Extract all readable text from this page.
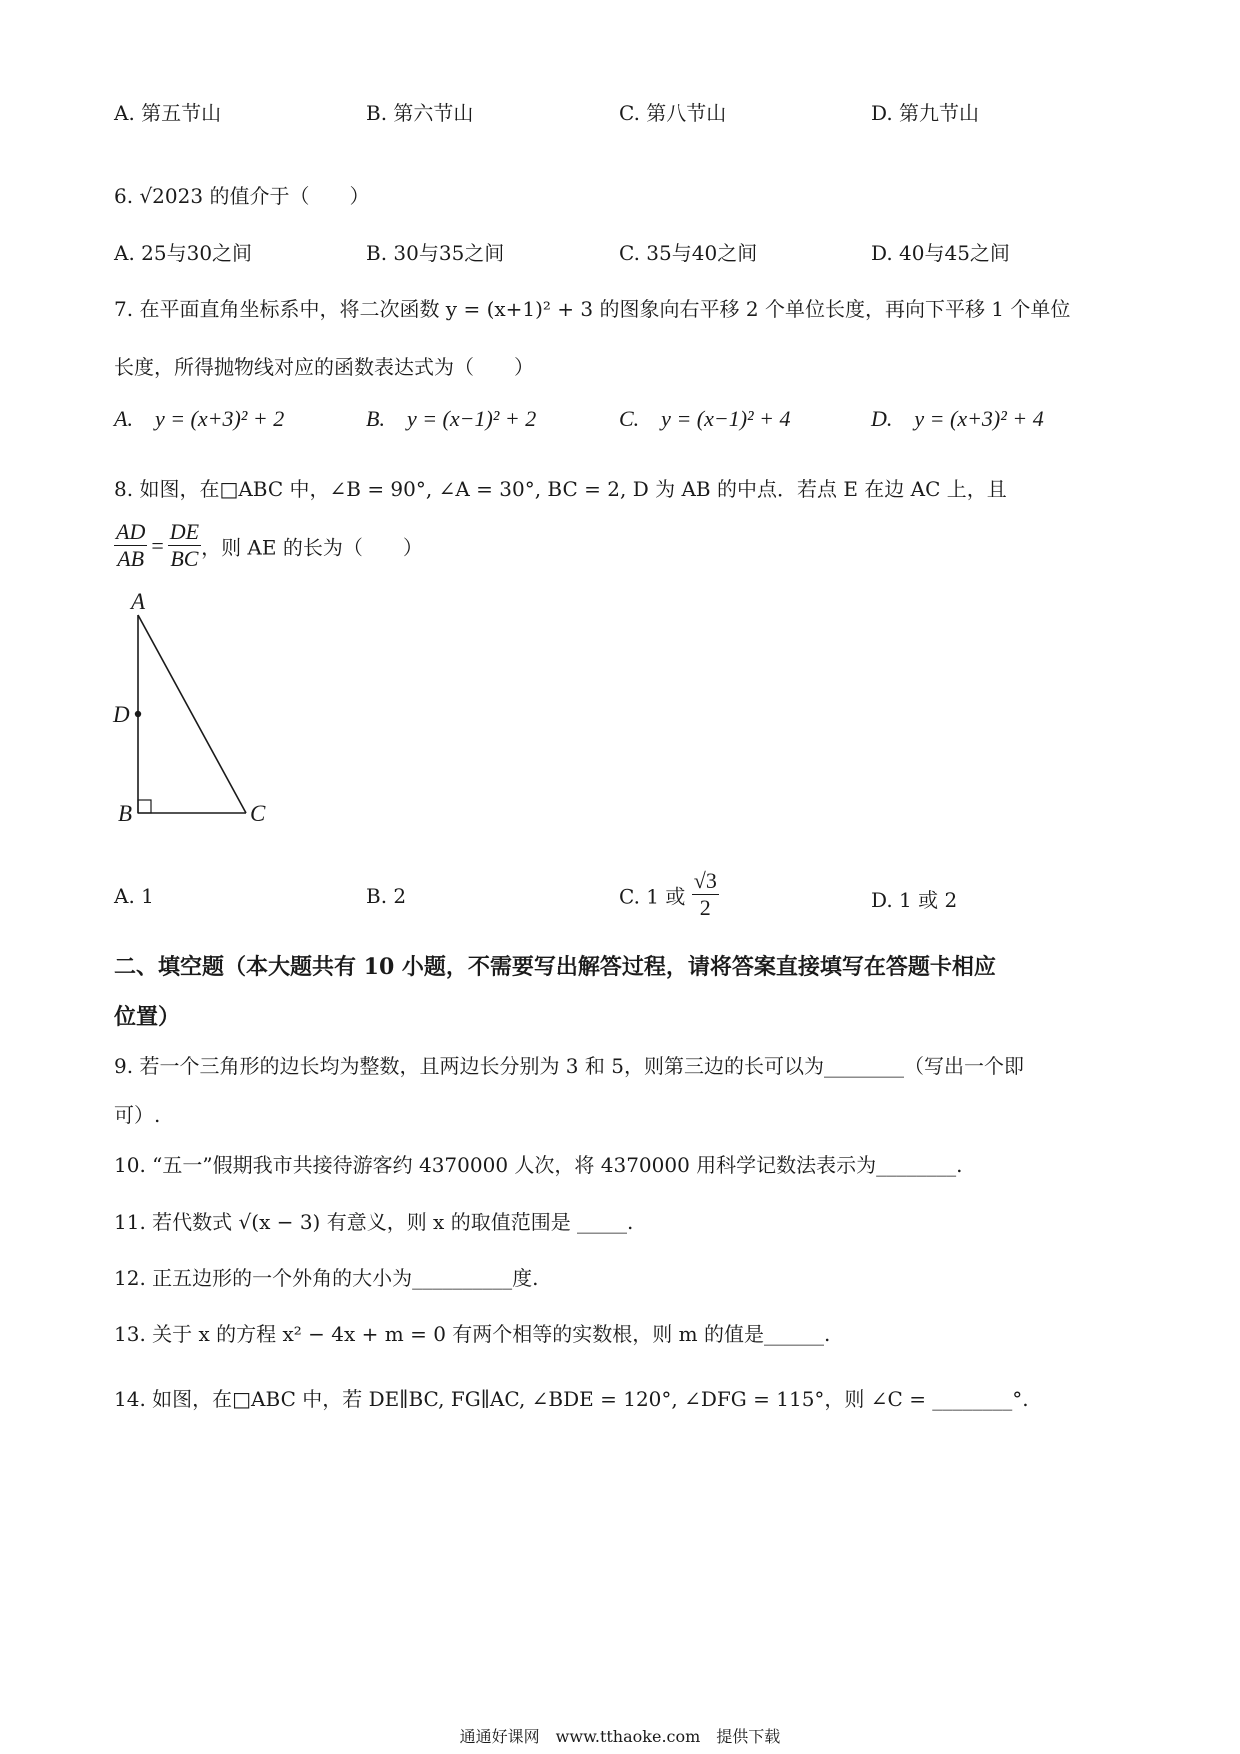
A. 第五节山	B. 第六节山	C. 第八节山	D. 第九节山
6. √2023 的值介于（　　）
A. 25与30之间	B. 30与35之间	C. 35与40之间	D. 40与45之间
7. 在平面直角坐标系中，将二次函数 y = (x+1)² + 3 的图象向右平移 2 个单位长度，再向下平移 1 个单位
长度，所得抛物线对应的函数表达式为（　　）
A.　y = (x+3)² + 2	B.　y = (x−1)² + 2	C.　y = (x−1)² + 4	D.　y = (x+3)² + 4
8. 如图，在□ABC 中，∠B = 90°, ∠A = 30°, BC = 2, D 为 AB 的中点．若点 E 在边 AC 上，且
$\frac{AD}{AB} = \frac{DE}{BC}$ ，则 AE 的长为（　　）
A
D
B	C
A. 1	B. 2	C. 1 或 $\frac{√3}{2}$	D. 1 或 2
二、填空题（本大题共有 10 小题，不需要写出解答过程，请将答案直接填写在答题卡相应
位置）
9. 若一个三角形的边长均为整数，且两边长分别为 3 和 5，则第三边的长可以为________（写出一个即
可）.
10. “五一”假期我市共接待游客约 4370000 人次，将 4370000 用科学记数法表示为________.
11. 若代数式 √(x − 3) 有意义，则 x 的取值范围是 _____.
12. 正五边形的一个外角的大小为__________度.
13. 关于 x 的方程 x² − 4x + m = 0 有两个相等的实数根，则 m 的值是______.
14. 如图，在□ABC 中，若 DE∥BC, FG∥AC, ∠BDE = 120°, ∠DFG = 115°，则 ∠C = ________°.
通通好课网　www.tthaoke.com　提供下载
